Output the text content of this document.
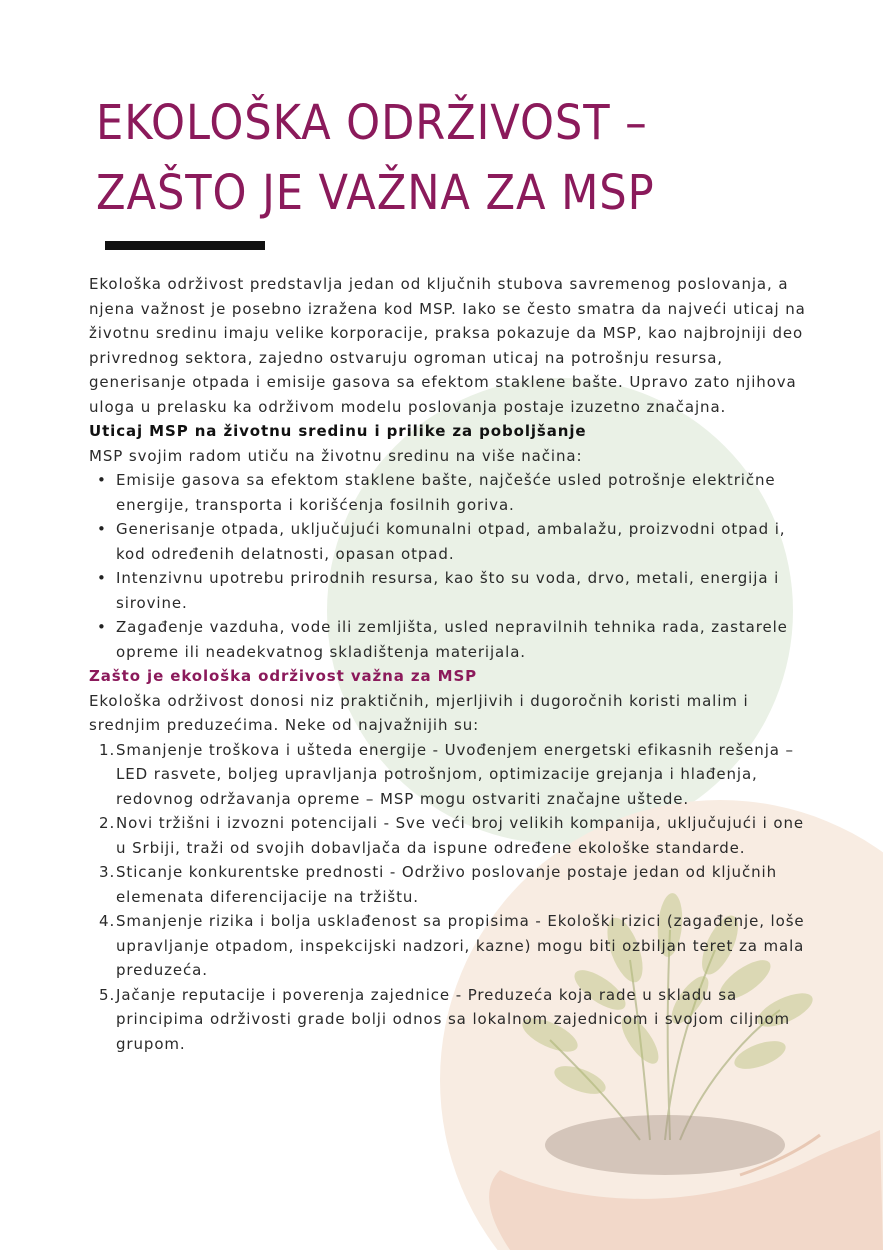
EKOLOŠKA ODRŽIVOST –
ZAŠTO JE VAŽNA ZA MSP

Ekološka održivost predstavlja jedan od ključnih stubova savremenog poslovanja, a njena važnost je posebno izražena kod MSP. Iako se često smatra da najveći uticaj na životnu sredinu imaju velike korporacije, praksa pokazuje da MSP, kao najbrojniji deo privrednog sektora, zajedno ostvaruju ogroman uticaj na potrošnju resursa, generisanje otpada i emisije gasova sa efektom staklene bašte. Upravo zato njihova uloga u prelasku ka održivom modelu poslovanja postaje izuzetno značajna.

Uticaj MSP na životnu sredinu i prilike za poboljšanje

MSP svojim radom utiču na životnu sredinu na više načina:

• Emisije gasova sa efektom staklene bašte, najčešće usled potrošnje električne energije, transporta i korišćenja fosilnih goriva.
• Generisanje otpada, uključujući komunalni otpad, ambalažu, proizvodni otpad i, kod određenih delatnosti, opasan otpad.
• Intenzivnu upotrebu prirodnih resursa, kao što su voda, drvo, metali, energija i sirovine.
• Zagađenje vazduha, vode ili zemljišta, usled nepravilnih tehnika rada, zastarele opreme ili neadekvatnog skladištenja materijala.

Zašto je ekološka održivost važna za MSP

Ekološka održivost donosi niz praktičnih, mjerljivih i dugoročnih koristi malim i srednjim preduzećima. Neke od najvažnijih su:

1. Smanjenje troškova i ušteda energije - Uvođenjem energetski efikasnih rešenja – LED rasvete, boljeg upravljanja potrošnjom, optimizacije grejanja i hlađenja, redovnog održavanja opreme – MSP mogu ostvariti značajne uštede.
2. Novi tržišni i izvozni potencijali - Sve veći broj velikih kompanija, uključujući i one u Srbiji, traži od svojih dobavljača da ispune određene ekološke standarde.
3. Sticanje konkurentske prednosti - Održivo poslovanje postaje jedan od ključnih elemenata diferencijacije na tržištu.
4. Smanjenje rizika i bolja usklađenost sa propisima - Ekološki rizici (zagađenje, loše upravljanje otpadom, inspekcijski nadzori, kazne) mogu biti ozbiljan teret za mala preduzeća.
5. Jačanje reputacije i poverenja zajednice - Preduzeća koja rade u skladu sa principima održivosti grade bolji odnos sa lokalnom zajednicom i svojom ciljnom grupom.
